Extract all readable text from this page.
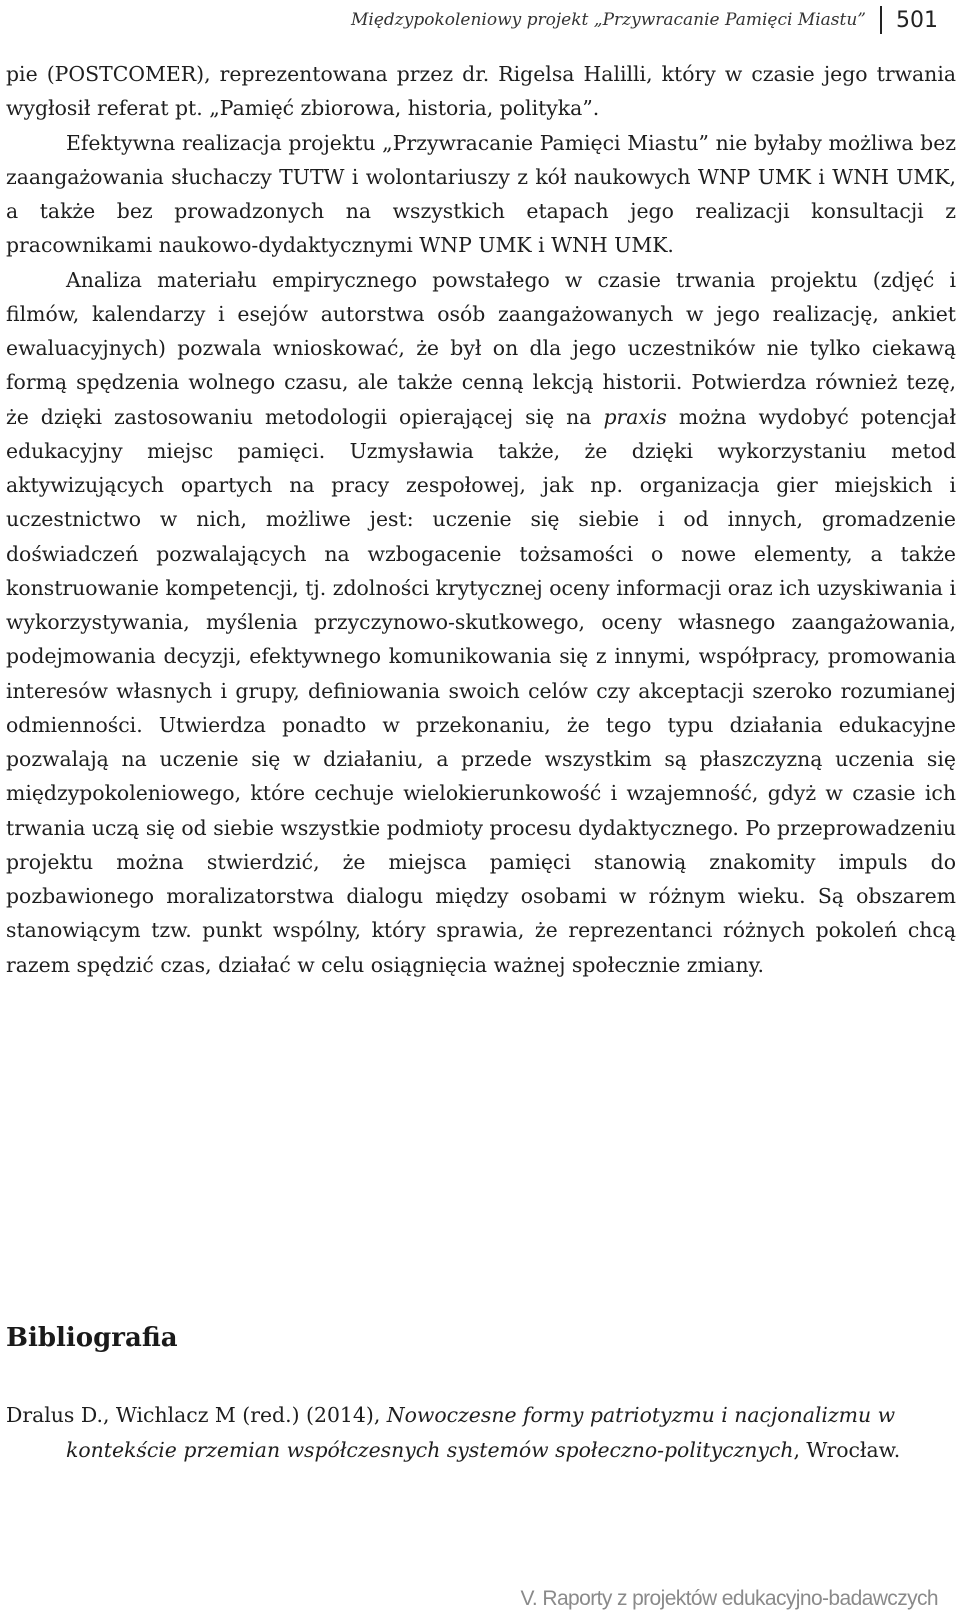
Międzypokoleniowy projekt „Przywracanie Pamięci Miastu” 501

pie (POSTCOMER), reprezentowana przez dr. Rigelsa Halilli, który w czasie jego trwania wygłosił referat pt. „Pamięć zbiorowa, historia, polityka”.

Efektywna realizacja projektu „Przywracanie Pamięci Miastu” nie byłaby możliwa bez zaangażowania słuchaczy TUTW i wolontariuszy z kół naukowych WNP UMK i WNH UMK, a także bez prowadzonych na wszystkich etapach jego realizacji konsultacji z pracownikami naukowo-dydaktycznymi WNP UMK i WNH UMK.

Analiza materiału empirycznego powstałego w czasie trwania projektu (zdjęć i filmów, kalendarzy i esejów autorstwa osób zaangażowanych w jego realizację, ankiet ewaluacyjnych) pozwala wnioskować, że był on dla jego uczestników nie tylko ciekawą formą spędzenia wolnego czasu, ale także cenną lekcją historii. Potwierdza również tezę, że dzięki zastosowaniu metodologii opierającej się na praxis można wydobyć potencjał edukacyjny miejsc pamięci. Uzmysławia także, że dzięki wykorzystaniu metod aktywizujących opartych na pracy zespołowej, jak np. organizacja gier miejskich i uczestnictwo w nich, możliwe jest: uczenie się siebie i od innych, gromadzenie doświadczeń pozwalających na wzbogacenie tożsamości o nowe elementy, a także konstruowanie kompetencji, tj. zdolności krytycznej oceny informacji oraz ich uzyskiwania i wykorzystywania, myślenia przyczynowo-skutkowego, oceny własnego zaangażowania, podejmowania decyzji, efektywnego komunikowania się z innymi, współpracy, promowania interesów własnych i grupy, definiowania swoich celów czy akceptacji szeroko rozumianej odmienności. Utwierdza ponadto w przekonaniu, że tego typu działania edukacyjne pozwalają na uczenie się w działaniu, a przede wszystkim są płaszczyzną uczenia się międzypokoleniowego, które cechuje wielokierunkowość i wzajemność, gdyż w czasie ich trwania uczą się od siebie wszystkie podmioty procesu dydaktycznego. Po przeprowadzeniu projektu można stwierdzić, że miejsca pamięci stanowią znakomity impuls do pozbawionego moralizatorstwa dialogu między osobami w różnym wieku. Są obszarem stanowiącym tzw. punkt wspólny, który sprawia, że reprezentanci różnych pokoleń chcą razem spędzić czas, działać w celu osiągnięcia ważnej społecznie zmiany.

Bibliografia
Dralus D., Wichlacz M (red.) (2014), Nowoczesne formy patriotyzmu i nacjonalizmu w kontekście przemian współczesnych systemów społeczno-politycznych, Wrocław.
V. Raporty z projektów edukacyjno-badawczych
